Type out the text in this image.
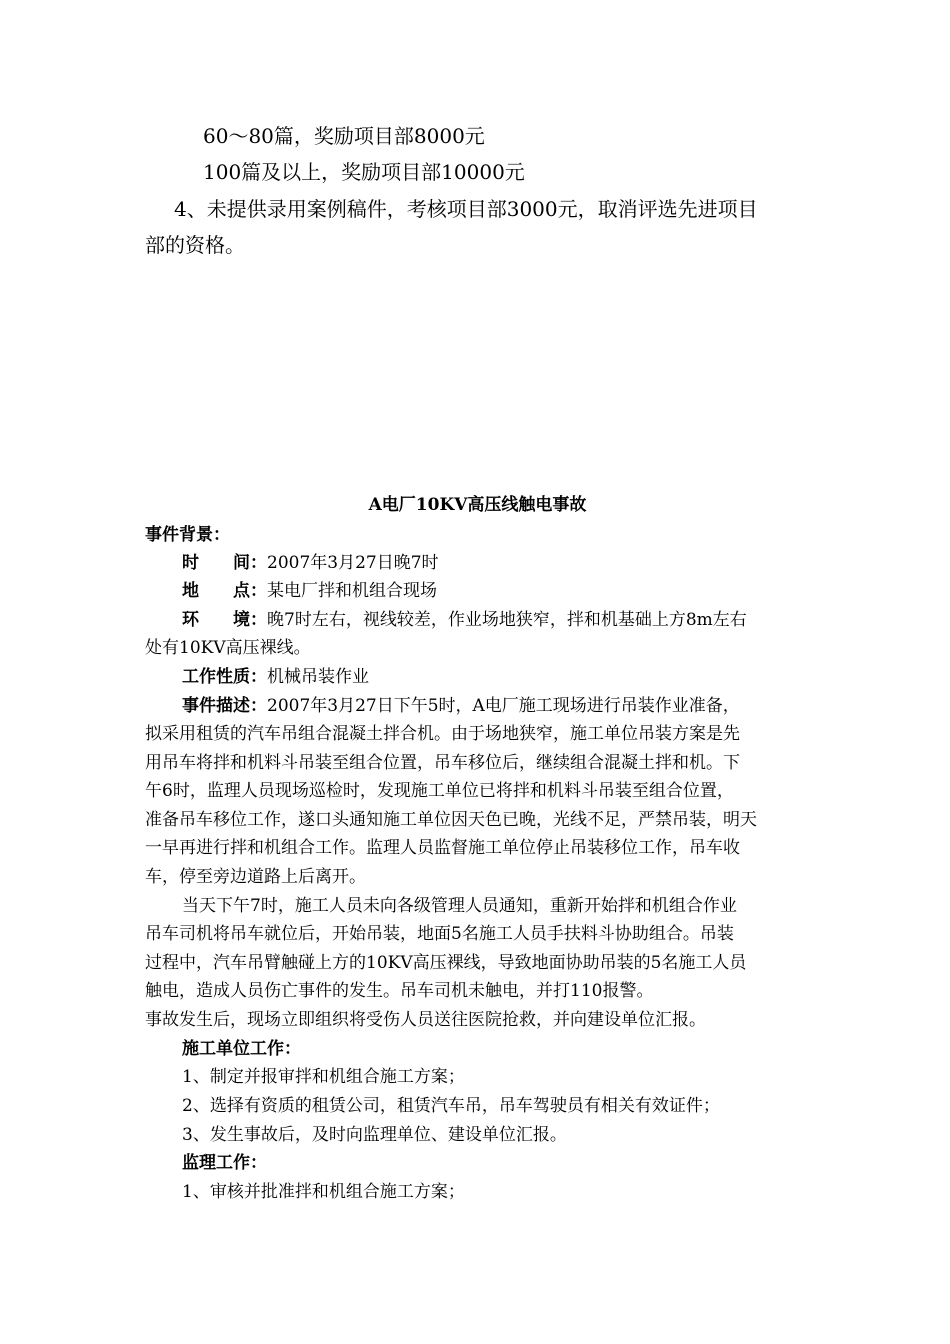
60～80篇，奖励项目部8000元

100篇及以上，奖励项目部10000元

4、未提供录用案例稿件，考核项目部3000元，取消评选先进项目

部的资格。

A电厂10KV高压线触电事故

事件背景：

时　　间：2007年3月27日晚7时

地　　点：某电厂拌和机组合现场

环　　境：晚7时左右，视线较差，作业场地狭窄，拌和机基础上方8m左右

处有10KV高压裸线。

工作性质：机械吊装作业

事件描述：2007年3月27日下午5时，A电厂施工现场进行吊装作业准备，

拟采用租赁的汽车吊组合混凝土拌合机。由于场地狭窄，施工单位吊装方案是先

用吊车将拌和机料斗吊装至组合位置，吊车移位后，继续组合混凝土拌和机。下

午6时，监理人员现场巡检时，发现施工单位已将拌和机料斗吊装至组合位置，

准备吊车移位工作，遂口头通知施工单位因天色已晚，光线不足，严禁吊装，明天

一早再进行拌和机组合工作。监理人员监督施工单位停止吊装移位工作，吊车收

车，停至旁边道路上后离开。

当天下午7时，施工人员未向各级管理人员通知，重新开始拌和机组合作业

吊车司机将吊车就位后，开始吊装，地面5名施工人员手扶料斗协助组合。吊装

过程中，汽车吊臂触碰上方的10KV高压裸线，导致地面协助吊装的5名施工人员

触电，造成人员伤亡事件的发生。吊车司机未触电，并打110报警。

事故发生后，现场立即组织将受伤人员送往医院抢救，并向建设单位汇报。

施工单位工作：

1、制定并报审拌和机组合施工方案；

2、选择有资质的租赁公司，租赁汽车吊，吊车驾驶员有相关有效证件；

3、发生事故后，及时向监理单位、建设单位汇报。

监理工作：

1、审核并批准拌和机组合施工方案；
